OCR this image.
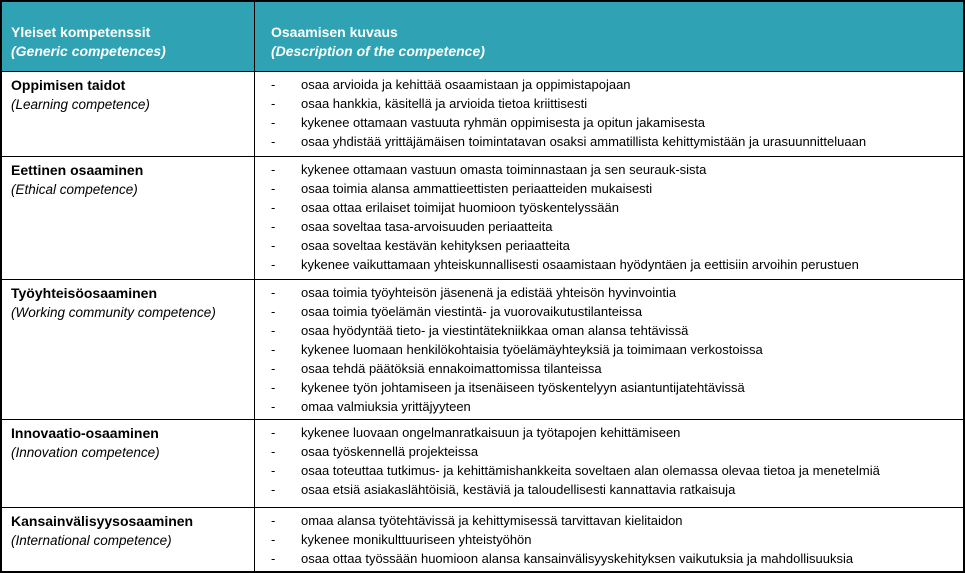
Yleiset kompetenssit
(Generic competences)
Osaamisen kuvaus
(Description of the competence)
Oppimisen taidot
(Learning competence)
-	osaa arvioida ja kehittää osaamistaan ja oppimistapojaan
-	osaa hankkia, käsitellä ja arvioida tietoa kriittisesti
-	kykenee ottamaan vastuuta ryhmän oppimisesta ja opitun jakamisesta
-	osaa yhdistää yrittäjämäisen toimintatavan osaksi ammatillista kehittymistään ja urasuunnitteluaan
Eettinen osaaminen
(Ethical competence)
-	kykenee ottamaan vastuun omasta toiminnastaan ja sen seurauk-sista
-	osaa toimia alansa ammattieettisten periaatteiden mukaisesti
-	osaa ottaa erilaiset toimijat huomioon työskentelyssään
-	osaa soveltaa tasa-arvoisuuden periaatteita
-	osaa soveltaa kestävän kehityksen periaatteita
-	kykenee vaikuttamaan yhteiskunnallisesti osaamistaan hyödyntäen ja eettisiin arvoihin perustuen
Työyhteisöosaaminen
(Working community competence)
-	osaa toimia työyhteisön jäsenenä ja edistää yhteisön hyvinvointia
-	osaa toimia työelämän viestintä- ja vuorovaikutustilanteissa
-	osaa hyödyntää tieto- ja viestintätekniikkaa oman alansa tehtävissä
-	kykenee luomaan henkilökohtaisia työelämäyhteyksiä ja toimimaan verkostoissa
-	osaa tehdä päätöksiä ennakoimattomissa tilanteissa
-	kykenee työn johtamiseen ja itsenäiseen työskentelyyn asiantuntijatehtävissä
-	omaa valmiuksia yrittäjyyteen
Innovaatio-osaaminen
(Innovation competence)
-	kykenee luovaan ongelmanratkaisuun ja työtapojen kehittämiseen
-	osaa työskennellä projekteissa
-	osaa toteuttaa tutkimus- ja kehittämishankkeita soveltaen alan olemassa olevaa tietoa ja menetelmiä
-	osaa etsiä asiakaslähtöisiä, kestäviä ja taloudellisesti kannattavia ratkaisuja
Kansainvälisyysosaaminen
(International competence)
-	omaa alansa työtehtävissä ja kehittymisessä tarvittavan kielitaidon
-	kykenee monikulttuuriseen yhteistyöhön
-	osaa ottaa työssään huomioon alansa kansainvälisyyskehityksen vaikutuksia ja mahdollisuuksia
